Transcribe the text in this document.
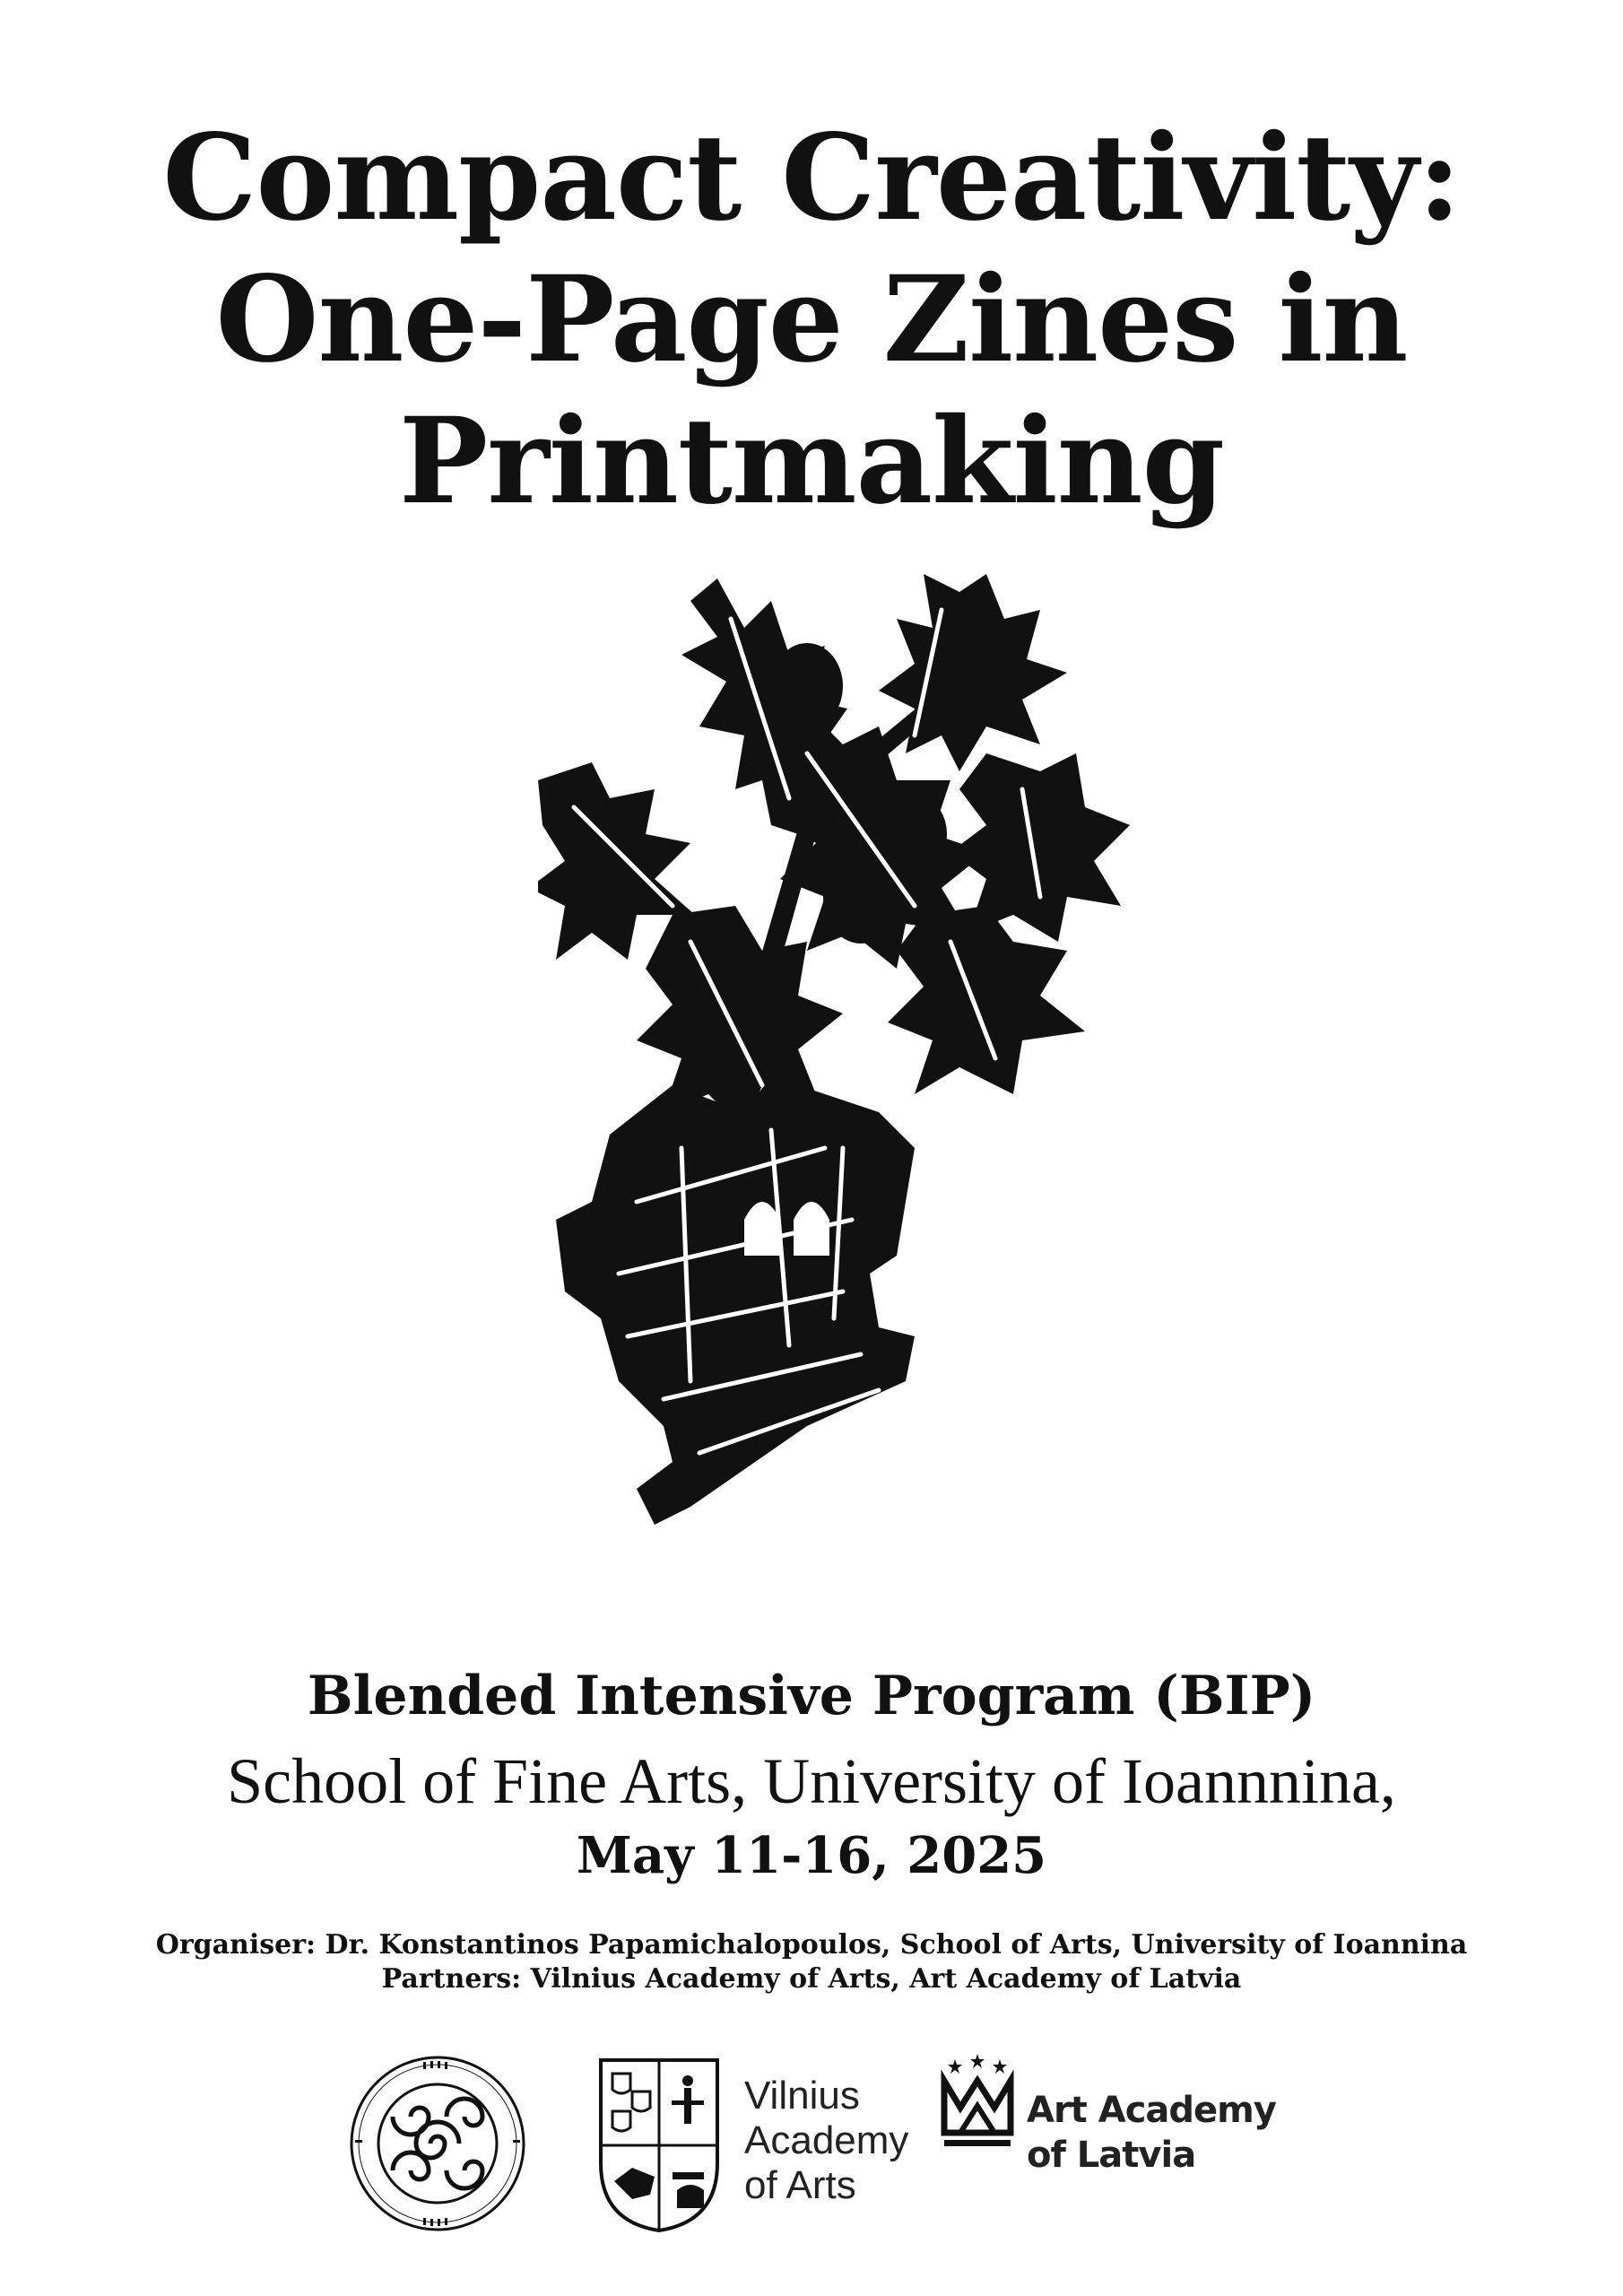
Compact Creativity:
One-Page Zines in
Printmaking
Blended Intensive Program (BIP)
School of Fine Arts, University of Ioannnina,
May 11-16, 2025
Organiser: Dr. Konstantinos Papamichalopoulos, School of Arts, University of Ioannina
Partners: Vilnius Academy of Arts, Art Academy of Latvia
Vilnius
Academy
of Arts
Art Academy
of Latvia
